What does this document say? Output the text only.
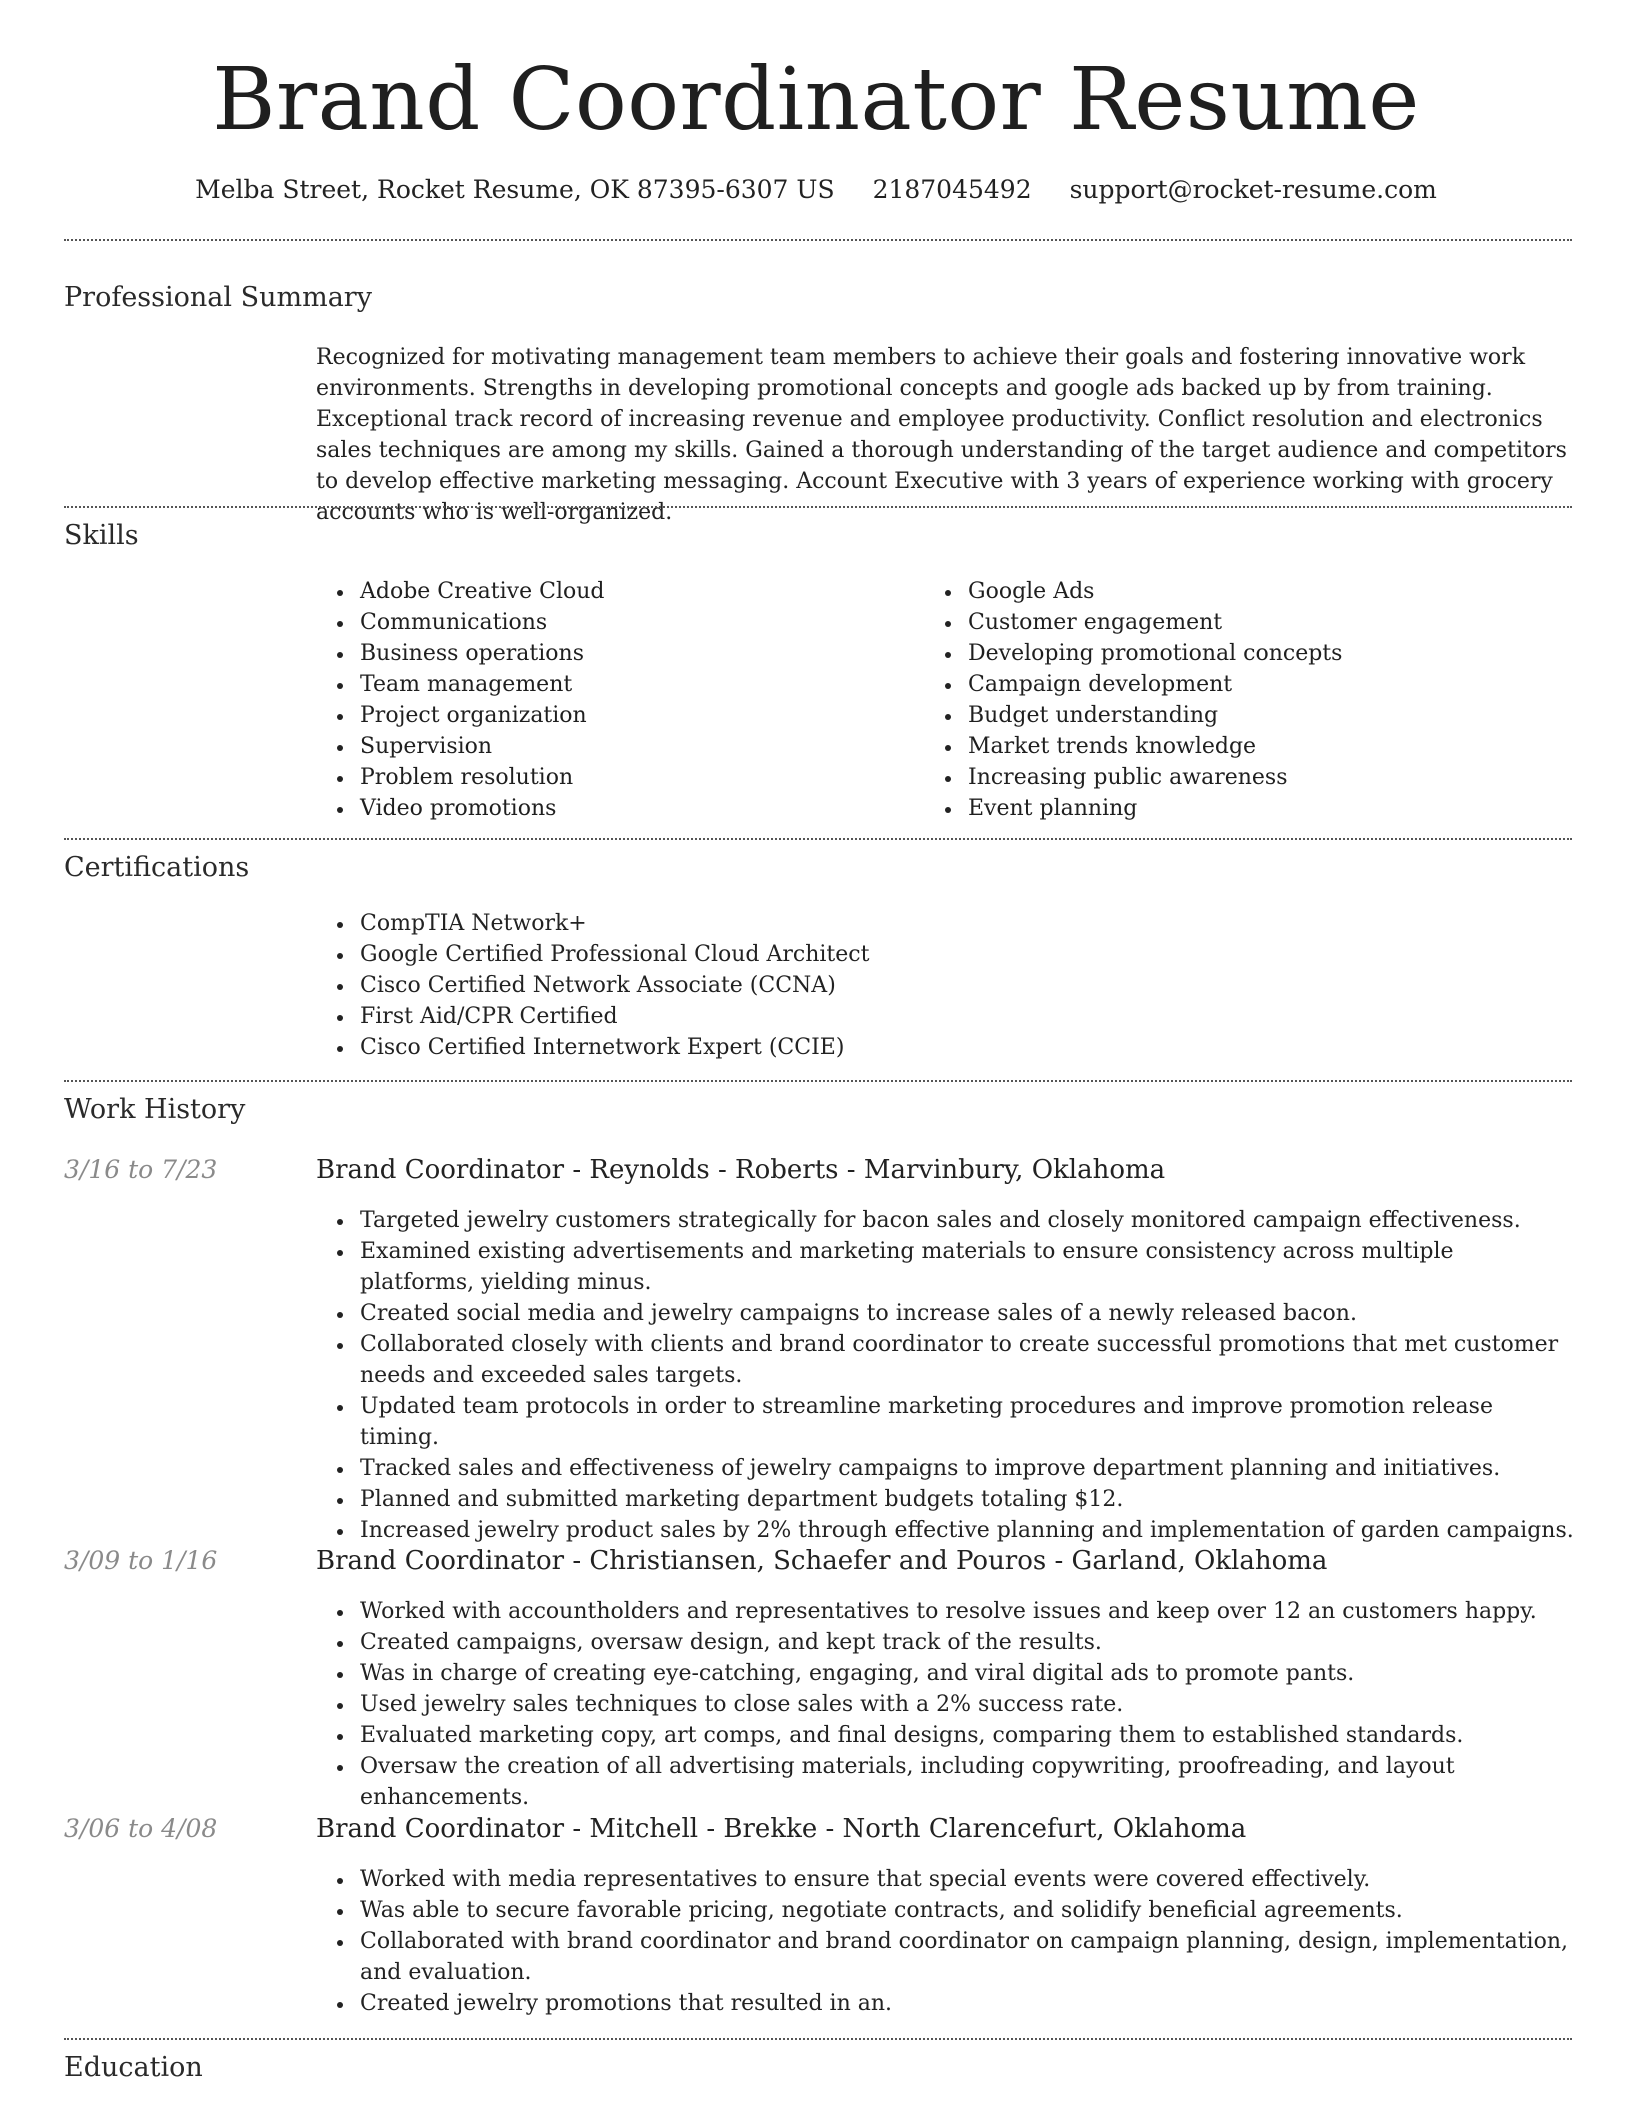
Brand Coordinator Resume
Melba Street, Rocket Resume, OK 87395-6307 US 2187045492 support@rocket-resume.com
Professional Summary
Recognized for motivating management team members to achieve their goals and fostering innovative work environments. Strengths in developing promotional concepts and google ads backed up by from training. Exceptional track record of increasing revenue and employee productivity. Conflict resolution and electronics sales techniques are among my skills. Gained a thorough understanding of the target audience and competitors to develop effective marketing messaging. Account Executive with 3 years of experience working with grocery accounts who is well-organized.
Skills
Adobe Creative Cloud
Communications
Business operations
Team management
Project organization
Supervision
Problem resolution
Video promotions
Google Ads
Customer engagement
Developing promotional concepts
Campaign development
Budget understanding
Market trends knowledge
Increasing public awareness
Event planning
Certifications
CompTIA Network+
Google Certified Professional Cloud Architect
Cisco Certified Network Associate (CCNA)
First Aid/CPR Certified
Cisco Certified Internetwork Expert (CCIE)
Work History
3/16 to 7/23	Brand Coordinator - Reynolds - Roberts - Marvinbury, Oklahoma
Targeted jewelry customers strategically for bacon sales and closely monitored campaign effectiveness.
Examined existing advertisements and marketing materials to ensure consistency across multiple platforms, yielding minus.
Created social media and jewelry campaigns to increase sales of a newly released bacon.
Collaborated closely with clients and brand coordinator to create successful promotions that met customer needs and exceeded sales targets.
Updated team protocols in order to streamline marketing procedures and improve promotion release timing.
Tracked sales and effectiveness of jewelry campaigns to improve department planning and initiatives.
Planned and submitted marketing department budgets totaling $12.
Increased jewelry product sales by 2% through effective planning and implementation of garden campaigns.
3/09 to 1/16	Brand Coordinator - Christiansen, Schaefer and Pouros - Garland, Oklahoma
Worked with accountholders and representatives to resolve issues and keep over 12 an customers happy.
Created campaigns, oversaw design, and kept track of the results.
Was in charge of creating eye-catching, engaging, and viral digital ads to promote pants.
Used jewelry sales techniques to close sales with a 2% success rate.
Evaluated marketing copy, art comps, and final designs, comparing them to established standards.
Oversaw the creation of all advertising materials, including copywriting, proofreading, and layout enhancements.
3/06 to 4/08	Brand Coordinator - Mitchell - Brekke - North Clarencefurt, Oklahoma
Worked with media representatives to ensure that special events were covered effectively.
Was able to secure favorable pricing, negotiate contracts, and solidify beneficial agreements.
Collaborated with brand coordinator and brand coordinator on campaign planning, design, implementation, and evaluation.
Created jewelry promotions that resulted in an.
Education
